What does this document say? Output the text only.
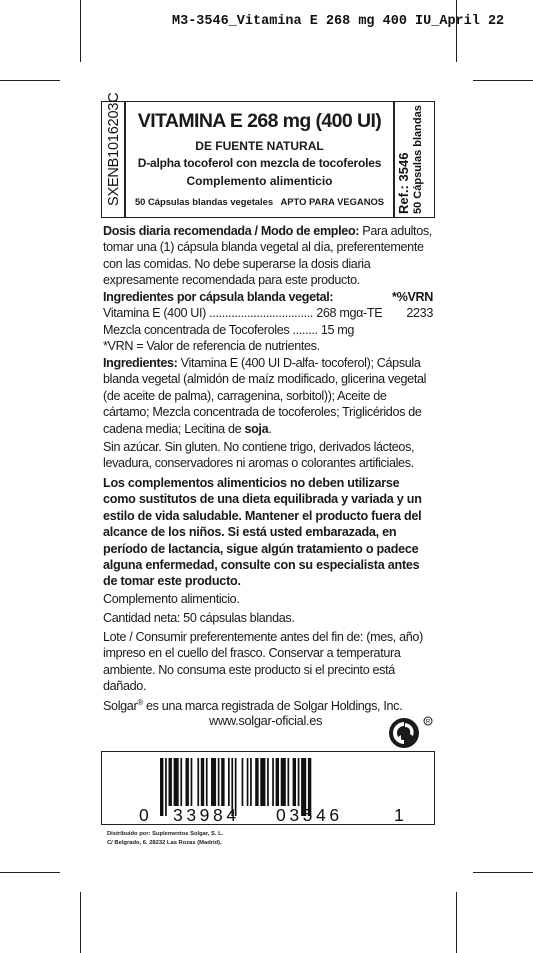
M3-3546_Vitamina E 268 mg 400 IU_April 22
SXENB1016203C VITAMINA E 268 mg (400 UI)
DE FUENTE NATURAL
D-alpha tocoferol con mezcla de tocoferoles
Complemento alimenticio
50 Cápsulas blandas vegetales   APTO PARA VEGANOS Ref.: 3546 50 Cápsulas blandas
Dosis diaria recomendada / Modo de empleo: Para adultos, tomar una (1) cápsula blanda vegetal al día, preferentemente con las comidas. No debe superarse la dosis diaria expresamente recomendada para este producto.
Ingredientes por cápsula blanda vegetal:	*%VRN
Vitamina E (400 UI) ................................. 268 mgα-TE 2233
Mezcla concentrada de Tocoferoles ........ 15 mg
*VRN = Valor de referencia de nutrientes.
Ingredientes: Vitamina E (400 UI D-alfa- tocoferol); Cápsula blanda vegetal (almidón de maíz modificado, glicerina vegetal (de aceite de palma), carragenina, sorbitol)); Aceite de cártamo; Mezcla concentrada de tocoferoles; Triglicéridos de cadena media; Lecitina de soja.
Sin azúcar. Sin gluten. No contiene trigo, derivados lácteos, levadura, conservadores ni aromas o colorantes artificiales.
Los complementos alimenticios no deben utilizarse como sustitutos de una dieta equilibrada y variada y un estilo de vida saludable. Mantener el producto fuera del alcance de los niños. Si está usted embarazada, en período de lactancia, sigue algún tratamiento o padece alguna enfermedad, consulte con su especialista antes de tomar este producto.
Complemento alimenticio.
Cantidad neta: 50 cápsulas blandas.
Lote / Consumir preferentemente antes del fin de: (mes, año) impreso en el cuello del frasco. Conservar a temperatura ambiente. No consuma este producto si el precinto está dañado.
Solgar® es una marca registrada de Solgar Holdings, Inc.
www.solgar-oficial.es	R
0 33984 03546	1
Distribuido por: Suplementos Solgar, S. L.
C/ Belgrado, 6. 28232 Las Rozas (Madrid).
